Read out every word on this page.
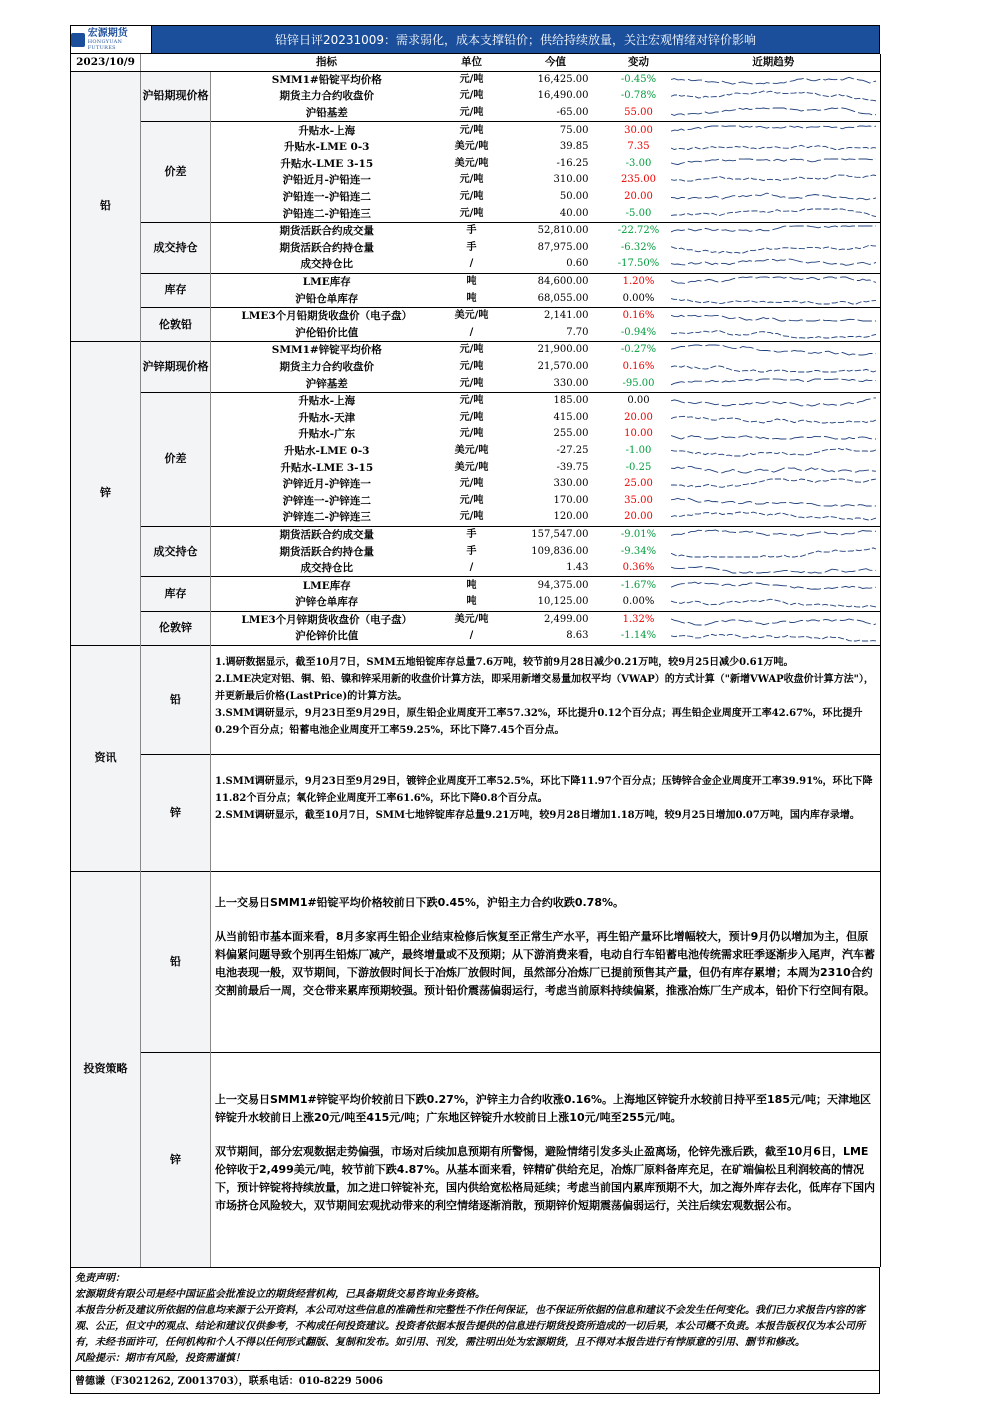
宏源期货
HONGYUAN FUTURES
铅锌日评20231009：需求弱化，成本支撑铅价；供给持续放量，关注宏观情绪对锌价影响
2023/10/9		指标	单位	今值	变动	近期趋势
铅	沪铅期现价格	SMM1#铅锭平均价格	元/吨	16,425.00	-0.45%	

		期货主力合约收盘价	元/吨	16,490.00	-0.78%	

		沪铅基差	元/吨	-65.00	55.00	

	价差	升贴水-上海	元/吨	75.00	30.00	

		升贴水-LME 0-3	美元/吨	39.85	7.35	

		升贴水-LME 3-15	美元/吨	-16.25	-3.00	

		沪铅近月-沪铅连一	元/吨	310.00	235.00	

		沪铅连一-沪铅连二	元/吨	50.00	20.00	

		沪铅连二-沪铅连三	元/吨	40.00	-5.00	

	成交持仓	期货活跃合约成交量	手	52,810.00	-22.72%	

		期货活跃合约持仓量	手	87,975.00	-6.32%	

		成交持仓比	/	0.60	-17.50%	

	库存	LME库存	吨	84,600.00	1.20%	

		沪铅仓单库存	吨	68,055.00	0.00%	

	伦敦铅	LME3个月铅期货收盘价（电子盘）	美元/吨	2,141.00	0.16%	

		沪伦铅价比值	/	7.70	-0.94%	

锌	沪锌期现价格	SMM1#锌锭平均价格	元/吨	21,900.00	-0.27%	

		期货主力合约收盘价	元/吨	21,570.00	0.16%	

		沪锌基差	元/吨	330.00	-95.00	

	价差	升贴水-上海	元/吨	185.00	0.00	

		升贴水-天津	元/吨	415.00	20.00	

		升贴水-广东	元/吨	255.00	10.00	

		升贴水-LME 0-3	美元/吨	-27.25	-1.00	

		升贴水-LME 3-15	美元/吨	-39.75	-0.25	

		沪锌近月-沪锌连一	元/吨	330.00	25.00	

		沪锌连一-沪锌连二	元/吨	170.00	35.00	

		沪锌连二-沪锌连三	元/吨	120.00	20.00	

	成交持仓	期货活跃合约成交量	手	157,547.00	-9.01%	

		期货活跃合约持仓量	手	109,836.00	-9.34%	

		成交持仓比	/	1.43	0.36%	

	库存	LME库存	吨	94,375.00	-1.67%	

		沪锌仓单库存	吨	10,125.00	0.00%	

	伦敦锌	LME3个月锌期货收盘价（电子盘）	美元/吨	2,499.00	1.32%	

		沪伦锌价比值	/	8.63	-1.14%	
资讯	铅	1.调研数据显示，截至10月7日，SMM五地铅锭库存总量7.6万吨，较节前9月28日减少0.21万吨，较9月25日减少0.61万吨。

2.LME决定对铝、铜、铅、镍和锌采用新的收盘价计算方法，即采用新增交易量加权平均（VWAP）的方式计算（"新增VWAP收盘价计算方法"），并更新最后价格(LastPrice)的计算方法。

3.SMM调研显示，9月23日至9月29日，原生铅企业周度开工率57.32%，环比提升0.12个百分点；再生铅企业周度开工率42.67%，环比提升0.29个百分点；铅蓄电池企业周度开工率59.25%，环比下降7.45个百分点。

	锌	1.SMM调研显示，9月23日至9月29日，镀锌企业周度开工率52.5%，环比下降11.97个百分点；压铸锌合金企业周度开工率39.91%，环比下降11.82个百分点；氧化锌企业周度开工率61.6%，环比下降0.8个百分点。

2.SMM调研显示，截至10月7日，SMM七地锌锭库存总量9.21万吨，较9月28日增加1.18万吨，较9月25日增加0.07万吨，国内库存录增。

投资策略	铅	上一交易日SMM1#铅锭平均价格较前日下跌0.45%，沪铅主力合约收跌0.78%。

从当前铅市基本面来看，8月多家再生铅企业结束检修后恢复至正常生产水平，再生铅产量环比增幅较大，预计9月仍以增加为主，但原料偏紧问题导致个别再生铅炼厂减产，最终增量或不及预期；从下游消费来看，电动自行车铅蓄电池传统需求旺季逐渐步入尾声，汽车蓄电池表现一般，双节期间，下游放假时间长于冶炼厂放假时间，虽然部分冶炼厂已提前预售其产量，但仍有库存累增；本周为2310合约交割前最后一周，交仓带来累库预期较强。预计铅价震荡偏弱运行，考虑当前原料持续偏紧，推涨冶炼厂生产成本，铅价下行空间有限。

	锌	上一交易日SMM1#锌锭平均价较前日下跌0.27%，沪锌主力合约收涨0.16%。上海地区锌锭升水较前日持平至185元/吨；天津地区锌锭升水较前日上涨20元/吨至415元/吨；广东地区锌锭升水较前日上涨10元/吨至255元/吨。

双节期间，部分宏观数据走势偏强，市场对后续加息预期有所警惕，避险情绪引发多头止盈离场，伦锌先涨后跌，截至10月6日，LME伦锌收于2,499美元/吨，较节前下跌4.87%。从基本面来看，锌精矿供给充足，冶炼厂原料备库充足，在矿端偏松且利润较高的情况下，预计锌锭将持续放量，加之进口锌锭补充，国内供给宽松格局延续；考虑当前国内累库预期不大，加之海外库存去化，低库存下国内市场挤仓风险较大，双节期间宏观扰动带来的利空情绪逐渐消散，预期锌价短期震荡偏弱运行，关注后续宏观数据公布。

免责声明：
宏源期货有限公司是经中国证监会批准设立的期货经营机构，已具备期货交易咨询业务资格。
本报告分析及建议所依据的信息均来源于公开资料，本公司对这些信息的准确性和完整性不作任何保证，也不保证所依据的信息和建议不会发生任何变化。我们已力求报告内容的客观、公正，但文中的观点、结论和建议仅供参考，不构成任何投资建议。投资者依据本报告提供的信息进行期货投资所造成的一切后果，本公司概不负责。本报告版权仅为本公司所有，未经书面许可，任何机构和个人不得以任何形式翻版、复制和发布。如引用、刊发，需注明出处为宏源期货，且不得对本报告进行有悖原意的引用、删节和修改。
风险提示：期市有风险，投资需谨慎！
曾德谦（F3021262, Z0013703），联系电话：010-8229 5006
